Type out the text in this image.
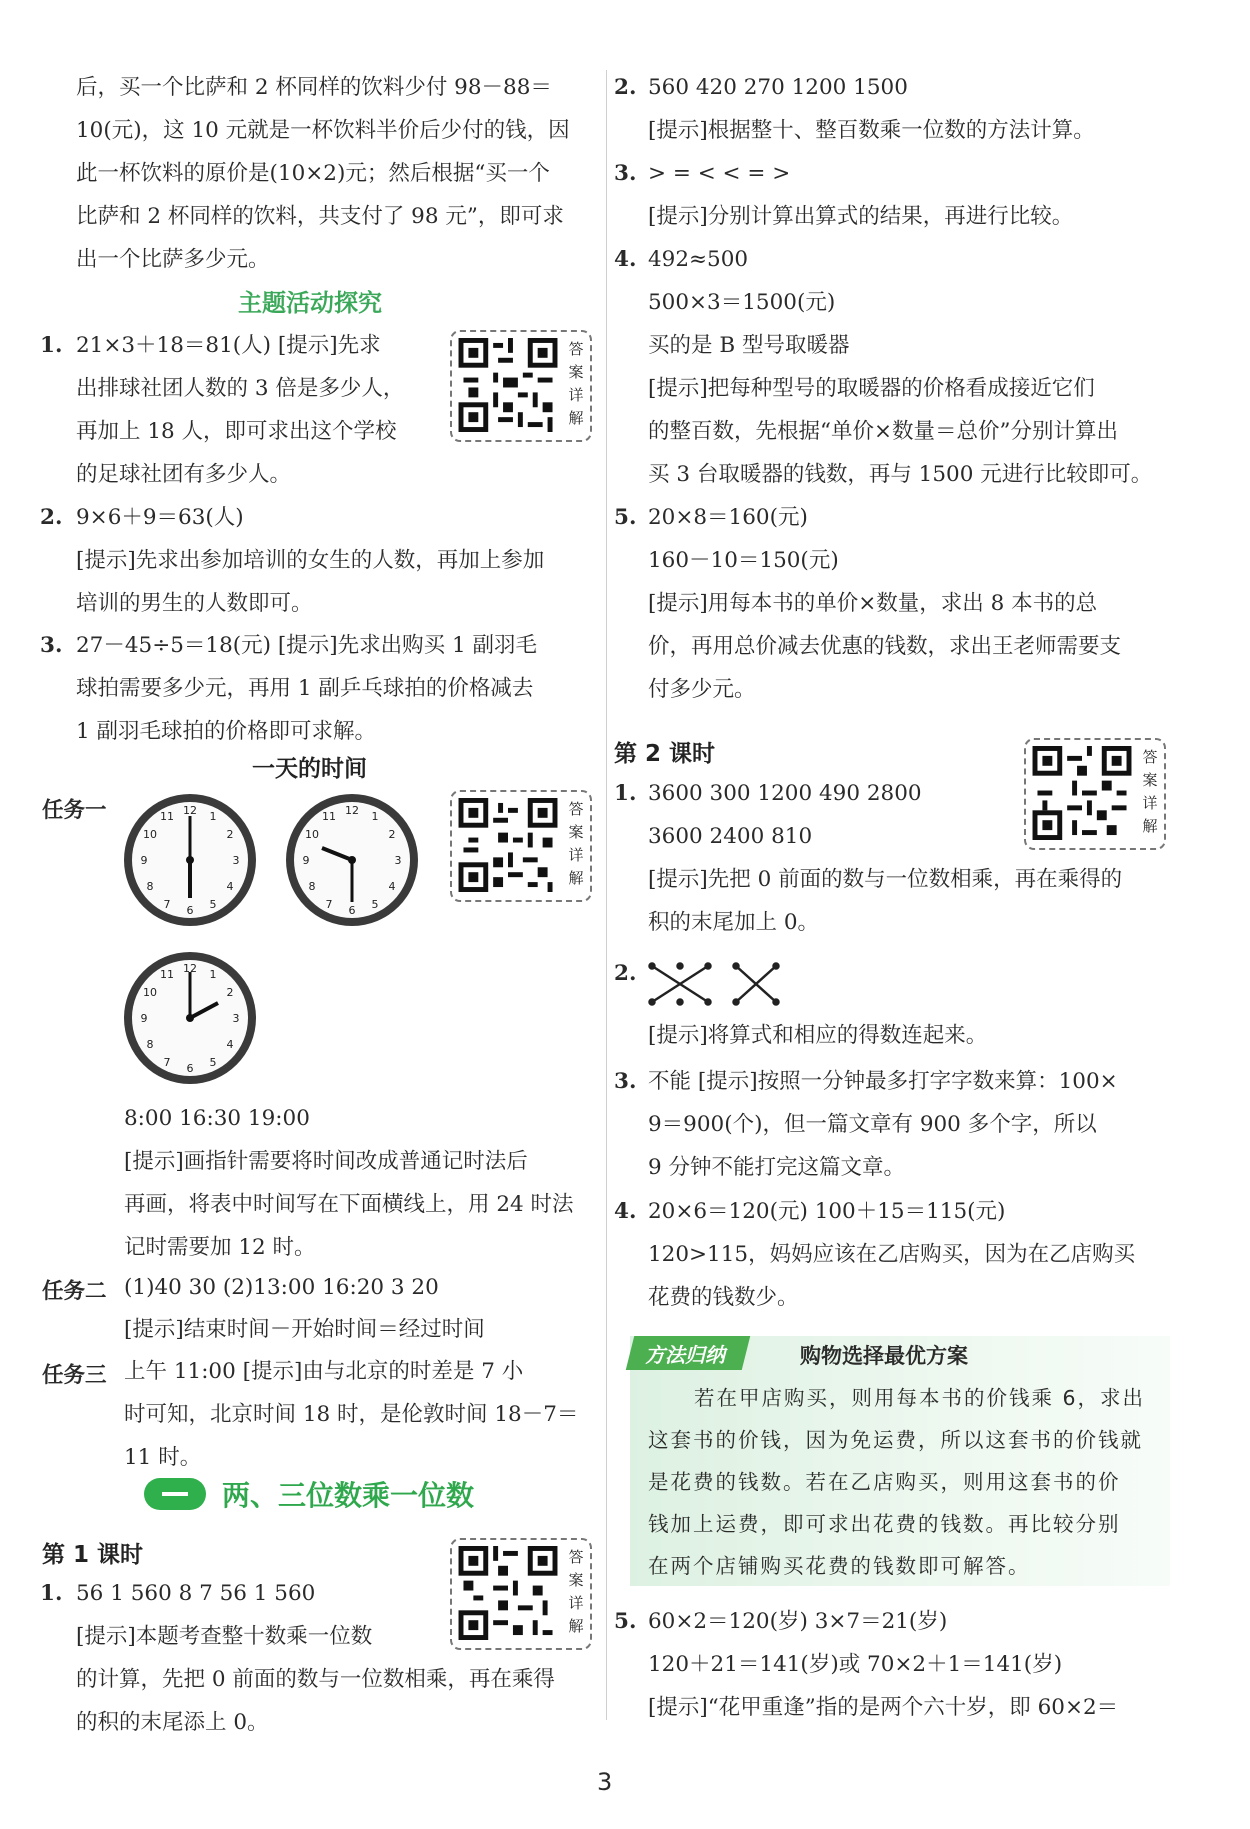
后，买一个比萨和 2 杯同样的饮料少付 98－88＝
10(元)，这 10 元就是一杯饮料半价后少付的钱，因
此一杯饮料的原价是(10×2)元；然后根据“买一个
比萨和 2 杯同样的饮料，共支付了 98 元”，即可求
出一个比萨多少元。
主题活动探究
1. 21×3＋18＝81(人) [提示]先求
出排球社团人数的 3 倍是多少人，
再加上 18 人，即可求出这个学校
的足球社团有多少人。
2. 9×6＋9＝63(人)
[提示]先求出参加培训的女生的人数，再加上参加
培训的男生的人数即可。
3. 27－45÷5＝18(元) [提示]先求出购买 1 副羽毛
球拍需要多少元，再用 1 副乒乓球拍的价格减去
1 副羽毛球拍的价格即可求解。
一天的时间
任务一	12 1
2
3
4
5
6
7
8
9
10
11	12 1
2
3
4
5
6
7
8
9
10
11
12 1
2
3
4
5
6
7
8
9
10
11
8:00 16:30 19:00
[提示]画指针需要将时间改成普通记时法后
再画，将表中时间写在下面横线上，用 24 时法
记时需要加 12 时。
任务二 (1)40 30 (2)13:00 16:20 3 20
[提示]结束时间－开始时间＝经过时间
任务三 上午 11:00 [提示]由与北京的时差是 7 小
时可知，北京时间 18 时，是伦敦时间 18－7＝
11 时。
两、三位数乘一位数
第 1 课时
1. 56 1 560 8 7 56 1 560
[提示]本题考查整十数乘一位数
的计算，先把 0 前面的数与一位数相乘，再在乘得
的积的末尾添上 0。
答案详解
答案详解
答案详解
答案详解
2. 560 420 270 1200 1500
[提示]根据整十、整百数乘一位数的方法计算。
3. > = < < = >
[提示]分别计算出算式的结果，再进行比较。
4. 492≈500
500×3＝1500(元)
买的是 B 型号取暖器
[提示]把每种型号的取暖器的价格看成接近它们
的整百数，先根据“单价×数量＝总价”分别计算出
买 3 台取暖器的钱数，再与 1500 元进行比较即可。
5. 20×8＝160(元)
160－10＝150(元)
[提示]用每本书的单价×数量，求出 8 本书的总
价，再用总价减去优惠的钱数，求出王老师需要支
付多少元。
第 2 课时
1. 3600 300 1200 490 2800
3600 2400 810
[提示]先把 0 前面的数与一位数相乘，再在乘得的
积的末尾加上 0。
2.
[提示]将算式和相应的得数连起来。
3. 不能 [提示]按照一分钟最多打字字数来算：100×
9＝900(个)，但一篇文章有 900 多个字，所以
9 分钟不能打完这篇文章。
4. 20×6＝120(元) 100＋15＝115(元)
120>115，妈妈应该在乙店购买，因为在乙店购买
花费的钱数少。
方法归纳	购物选择最优方案
若在甲店购买，则用每本书的价钱乘 6，求出
这套书的价钱，因为免运费，所以这套书的价钱就
是花费的钱数。若在乙店购买，则用这套书的价
钱加上运费，即可求出花费的钱数。再比较分别
在两个店铺购买花费的钱数即可解答。
5. 60×2＝120(岁) 3×7＝21(岁)
120＋21＝141(岁)或 70×2＋1＝141(岁)
[提示]“花甲重逢”指的是两个六十岁，即 60×2＝
3
